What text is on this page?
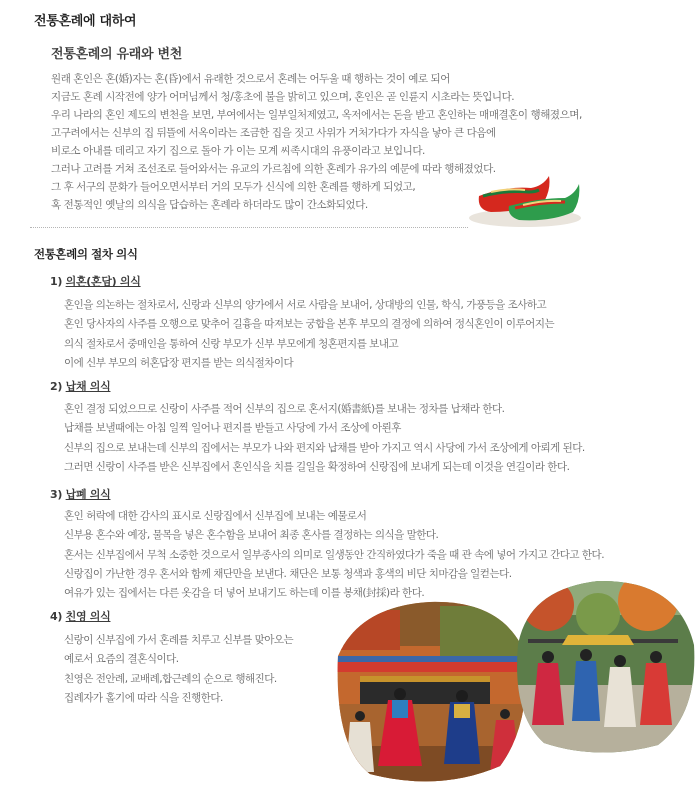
전통혼례에 대하여
전통혼례의 유래와 변천
원래 혼인은 혼(婚)자는 혼(昏)에서 유래한 것으로서 혼례는 어두울 때 행하는 것이 예로 되어
지금도 혼례 시작전에 양가 어머님께서 청/홍초에 불을 밝히고 있으며, 혼인은 곧 인륜지 시초라는 뜻입니다.
우리 나라의 혼인 제도의 변천을 보면, 부여에서는 일부일처제였고, 옥저에서는 돈을 받고 혼인하는 매매결혼이 행해졌으며,
고구려에서는 신부의 집 뒤뜰에 서옥이라는 조금한 집을 짓고 사위가 거처가다가 자식을 낳아 큰 다음에
비로소 아내를 데리고 자기 집으로 돌아 가 이는 모계 씨족시대의 유풍이라고 보입니다.
그러나 고려를 거쳐 조선조로 들어와서는 유교의 가르침에 의한 혼례가 유가의 예문에 따라 행해졌었다.
그 후 서구의 문화가 들어오면서부터 거의 모두가 신식에 의한 혼례를 행하게 되었고,
혹 전통적인 옛날의 의식을 답습하는 혼례라 하더라도 많이 간소화되었다.
전통혼례의 절차 의식
1) 의혼(혼담) 의식
혼인을 의논하는 절차로서, 신랑과 신부의 양가에서 서로 사람을 보내어, 상대방의 인물, 학식, 가풍등을 조사하고
혼인 당사자의 사주를 오행으로 맞추어 길흉을 따져보는 궁합을 본후 부모의 결정에 의하여 정식혼인이 이루어지는
의식 절차로서 중매인을 통하여 신랑 부모가 신부 부모에게 청혼편지를 보내고
이에 신부 부모의 허혼답장 편지를 받는 의식절차이다
2) 납채 의식
혼인 결정 되었으므로 신랑이 사주를 적어 신부의 집으로 혼서지(婚書紙)를 보내는 정차를 납채라 한다.
납채를 보낼때에는 아침 일찍 일어나 편지를 받들고 사당에 가서 조상에 아뢴후
신부의 집으로 보내는데 신부의 집에서는 부모가 나와 편지와 납채를 받아 가지고 역시 사당에 가서 조상에게 아뢰게 된다.
그러면 신랑이 사주를 받은 신부집에서 혼인식을 치를 길일을 확정하여 신랑집에 보내게 되는데 이것을 연길이라 한다.
3) 납폐 의식
혼인 허락에 대한 감사의 표시로 신랑집에서 신부집에 보내는 예물로서
신부용 혼수와 예장, 물목을 넣은 혼수함을 보내어 최종 혼사를 결정하는 의식을 말한다.
혼서는 신부집에서 무척 소중한 것으로서 일부종사의 의미로 일생동안 간직하였다가 죽을 때 관 속에 넣어 가지고 간다고 한다.
신랑집이 가난한 경우 혼서와 함께 채단만을 보낸다. 채단은 보통 청색과 홍색의 비단 치마감을 일컫는다.
여유가 있는 집에서는 다른 옷감을 더 넣어 보내기도 하는데 이를 봉채(封採)라 한다.
4) 친영 의식
신랑이 신부집에 가서 혼례를 치루고 신부를 맞아오는
예로서 요즘의 결혼식이다.
친영은 전안례, 교배례,합근례의 순으로 행해진다.
집례자가 홀기에 따라 식을 진행한다.
